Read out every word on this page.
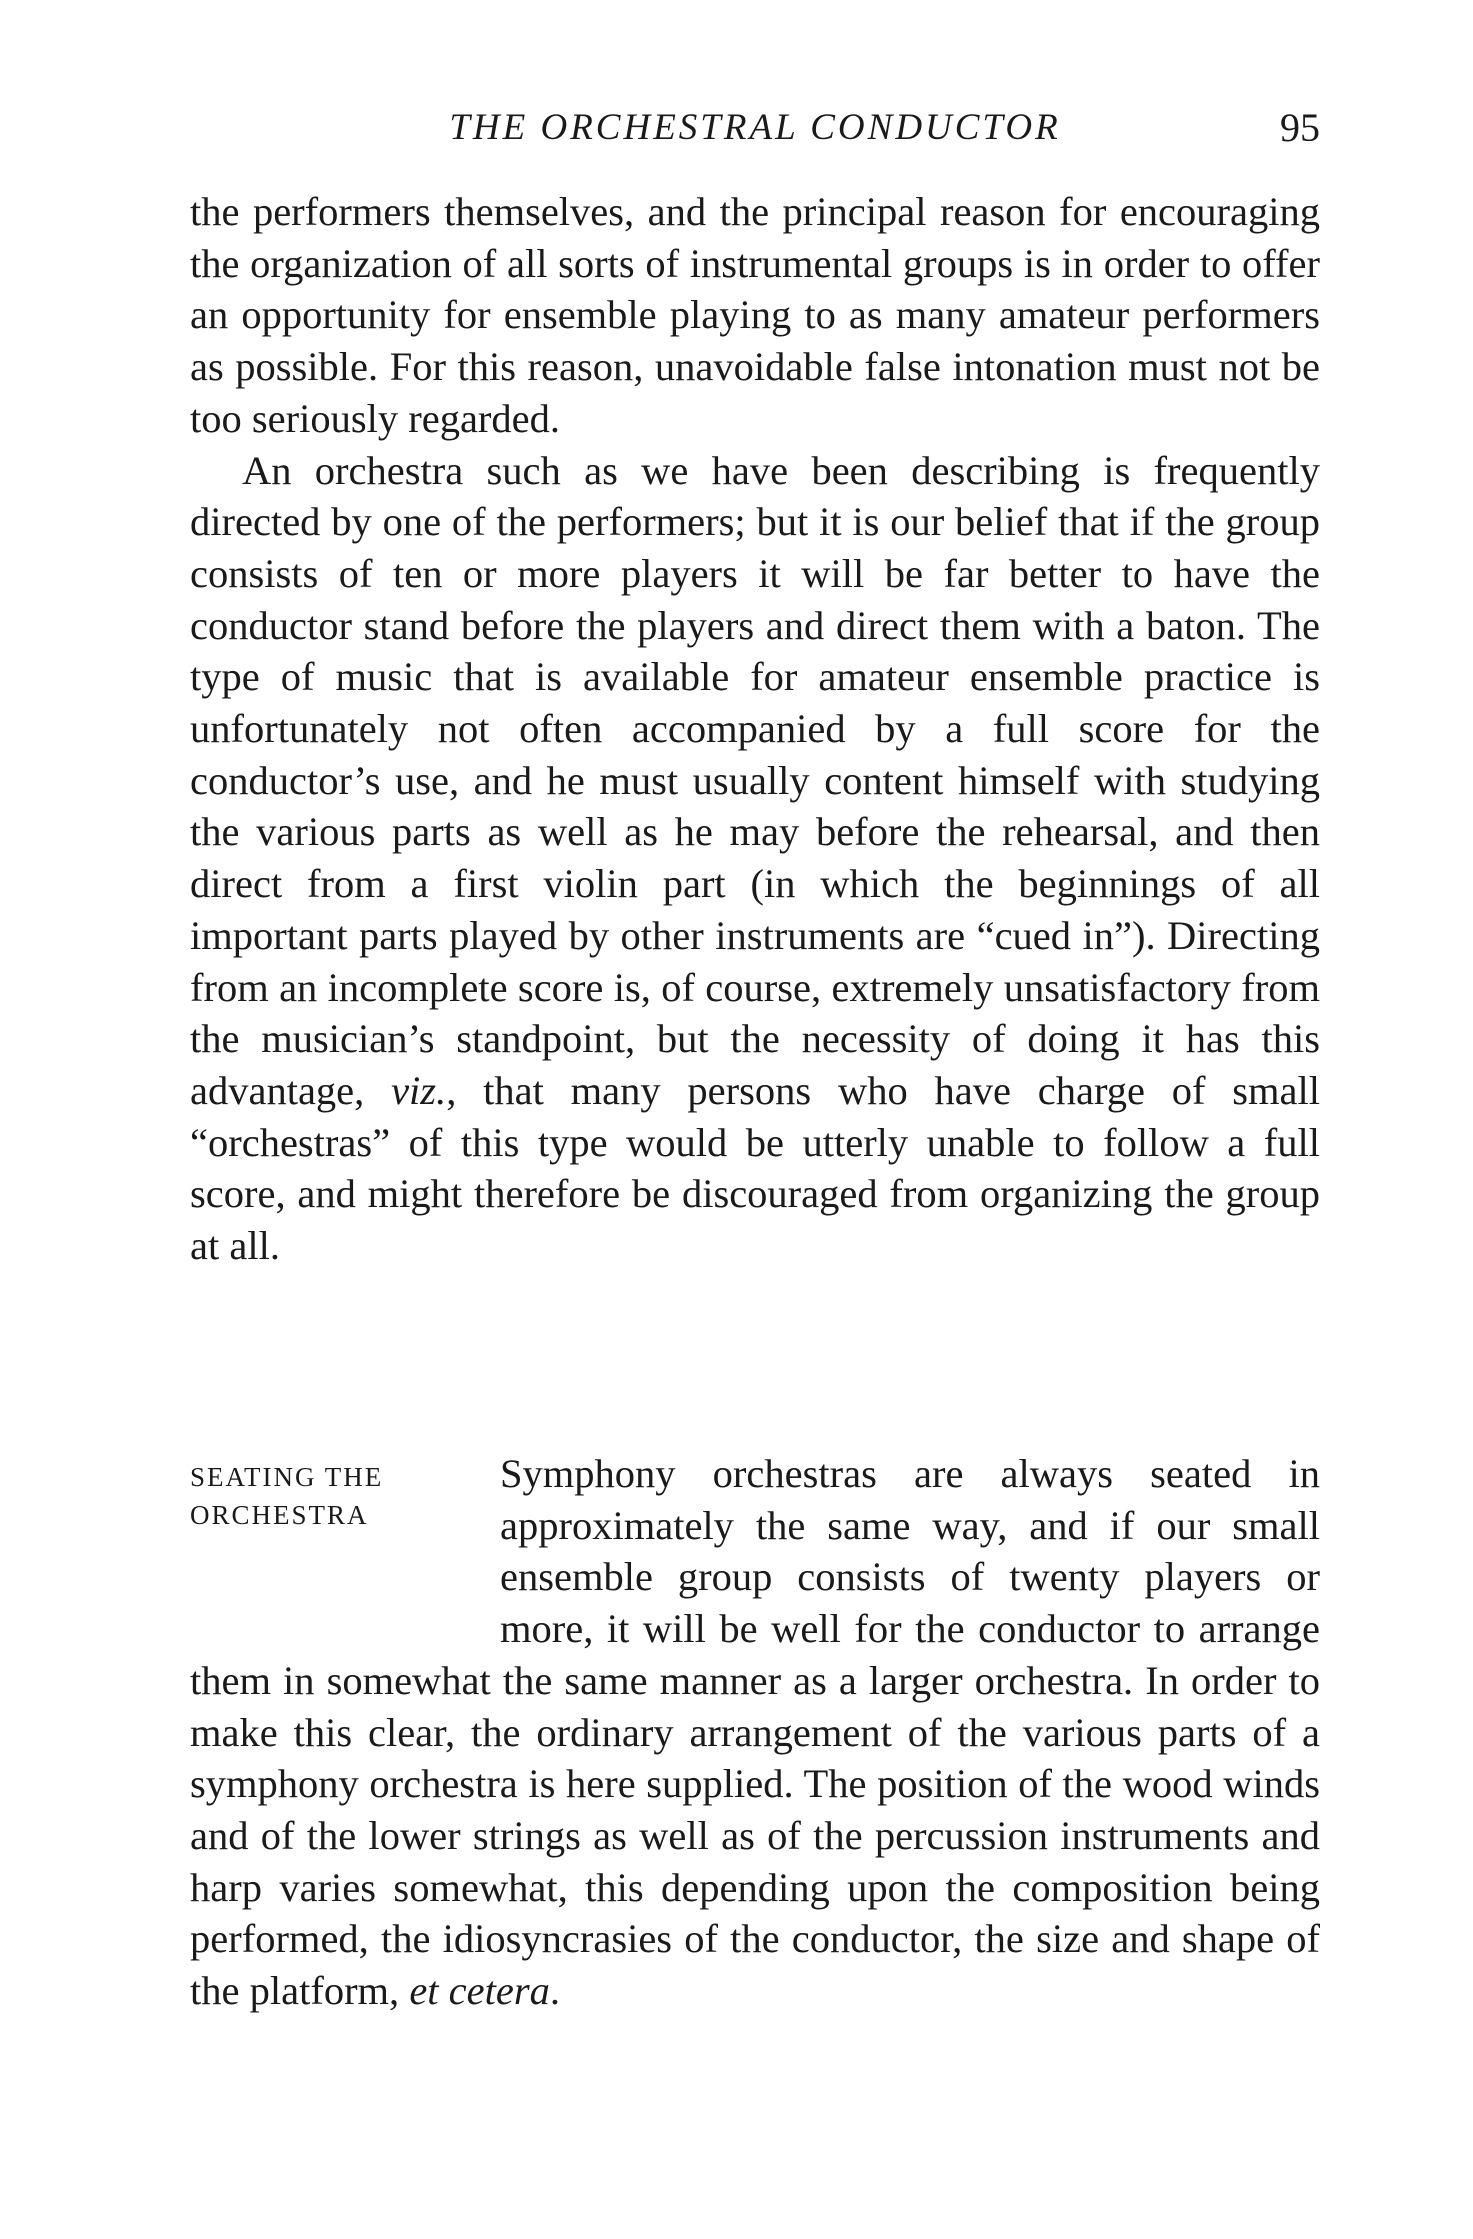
THE ORCHESTRAL CONDUCTOR	95

the performers themselves, and the principal reason for encouraging the organization of all sorts of instrumental groups is in order to offer an opportunity for ensemble playing to as many amateur performers as possible. For this reason, unavoidable false intonation must not be too seriously regarded.

An orchestra such as we have been describing is frequently directed by one of the performers; but it is our belief that if the group consists of ten or more players it will be far better to have the conductor stand before the players and direct them with a baton. The type of music that is available for amateur ensemble practice is unfortunately not often accompanied by a full score for the conductor’s use, and he must usually content himself with studying the various parts as well as he may before the rehearsal, and then direct from a first violin part (in which the beginnings of all important parts played by other instruments are “cued in”). Directing from an incomplete score is, of course, extremely unsatisfactory from the musician’s standpoint, but the necessity of doing it has this advantage, viz., that many persons who have charge of small “orchestras” of this type would be utterly unable to follow a full score, and might therefore be discouraged from organizing the group at all.

SEATING THE
ORCHESTRA

Symphony orchestras are always seated in approximately the same way, and if our small ensemble group consists of twenty players or more, it will be well for the conductor to arrange them in somewhat the same manner as a larger orchestra. In order to make this clear, the ordinary arrangement of the various parts of a symphony orchestra is here supplied. The position of the wood winds and of the lower strings as well as of the percussion instruments and harp varies somewhat, this depending upon the composition being performed, the idiosyncrasies of the conductor, the size and shape of the platform, et cetera.
